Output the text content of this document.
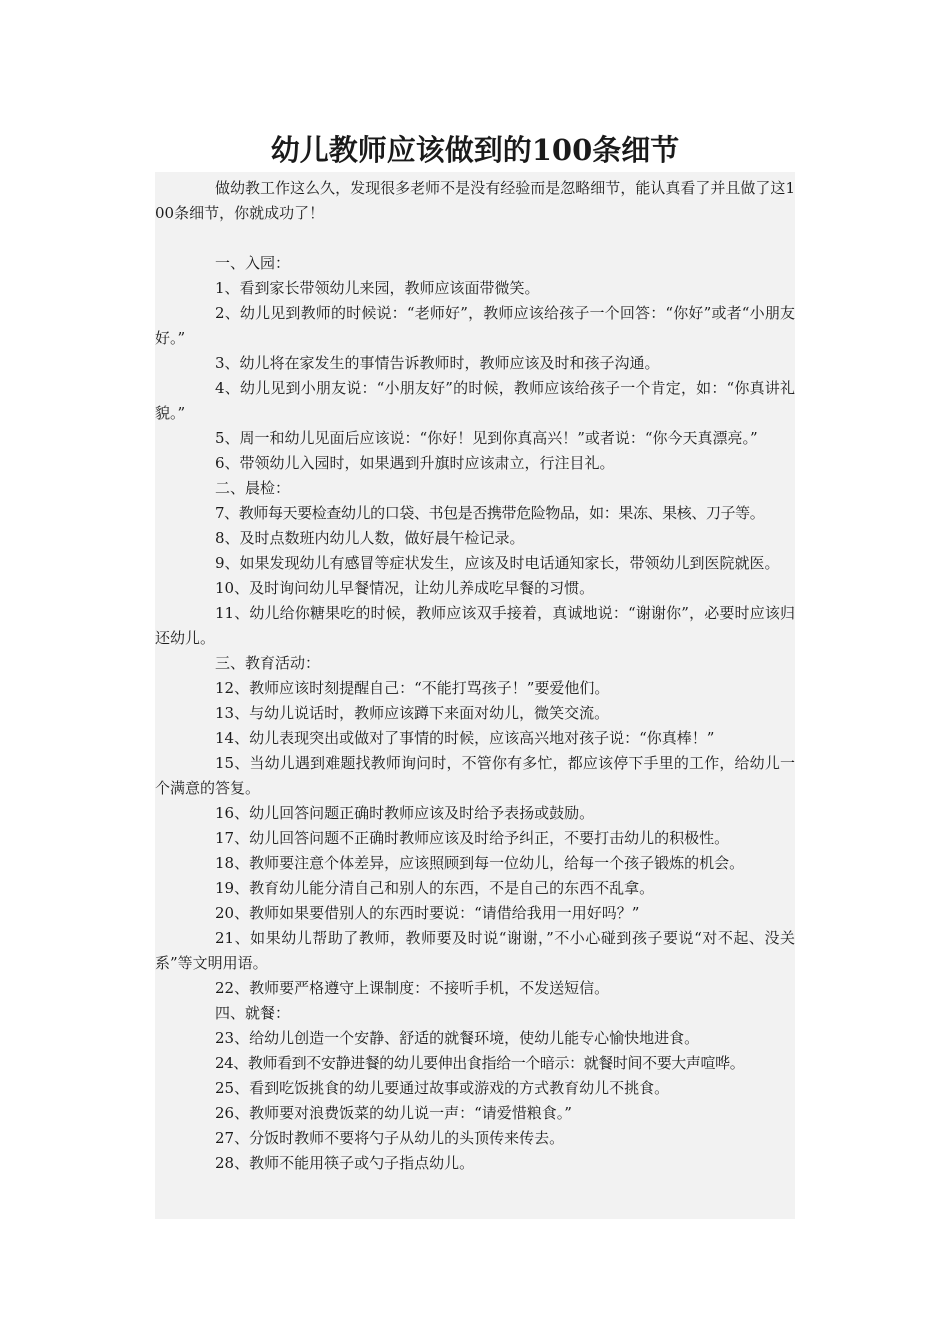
幼儿教师应该做到的100条细节

做幼教工作这么久，发现很多老师不是没有经验而是忽略细节，能认真看了并且做了这100条细节，你就成功了！

一、入园：

1、看到家长带领幼儿来园，教师应该面带微笑。

2、幼儿见到教师的时候说：“老师好”，教师应该给孩子一个回答：“你好”或者“小朋友好。”

3、幼儿将在家发生的事情告诉教师时，教师应该及时和孩子沟通。

4、幼儿见到小朋友说：“小朋友好”的时候，教师应该给孩子一个肯定，如：“你真讲礼貌。”

5、周一和幼儿见面后应该说：“你好！见到你真高兴！”或者说：“你今天真漂亮。”

6、带领幼儿入园时，如果遇到升旗时应该肃立，行注目礼。

二、晨检：

7、教师每天要检查幼儿的口袋、书包是否携带危险物品，如：果冻、果核、刀子等。

8、及时点数班内幼儿人数，做好晨午检记录。

9、如果发现幼儿有感冒等症状发生，应该及时电话通知家长，带领幼儿到医院就医。

10、及时询问幼儿早餐情况，让幼儿养成吃早餐的习惯。

11、幼儿给你糖果吃的时候，教师应该双手接着，真诚地说：“谢谢你”，必要时应该归还幼儿。

三、教育活动：

12、教师应该时刻提醒自己：“不能打骂孩子！”要爱他们。

13、与幼儿说话时，教师应该蹲下来面对幼儿，微笑交流。

14、幼儿表现突出或做对了事情的时候，应该高兴地对孩子说：“你真棒！”

15、当幼儿遇到难题找教师询问时，不管你有多忙，都应该停下手里的工作，给幼儿一个满意的答复。

16、幼儿回答问题正确时教师应该及时给予表扬或鼓励。

17、幼儿回答问题不正确时教师应该及时给予纠正，不要打击幼儿的积极性。

18、教师要注意个体差异，应该照顾到每一位幼儿，给每一个孩子锻炼的机会。

19、教育幼儿能分清自己和别人的东西，不是自己的东西不乱拿。

20、教师如果要借别人的东西时要说：“请借给我用一用好吗？”

21、如果幼儿帮助了教师，教师要及时说“谢谢，”不小心碰到孩子要说“对不起、没关系”等文明用语。

22、教师要严格遵守上课制度：不接听手机，不发送短信。

四、就餐：

23、给幼儿创造一个安静、舒适的就餐环境，使幼儿能专心愉快地进食。

24、教师看到不安静进餐的幼儿要伸出食指给一个暗示：就餐时间不要大声喧哗。

25、看到吃饭挑食的幼儿要通过故事或游戏的方式教育幼儿不挑食。

26、教师要对浪费饭菜的幼儿说一声：“请爱惜粮食。”

27、分饭时教师不要将勺子从幼儿的头顶传来传去。

28、教师不能用筷子或勺子指点幼儿。
